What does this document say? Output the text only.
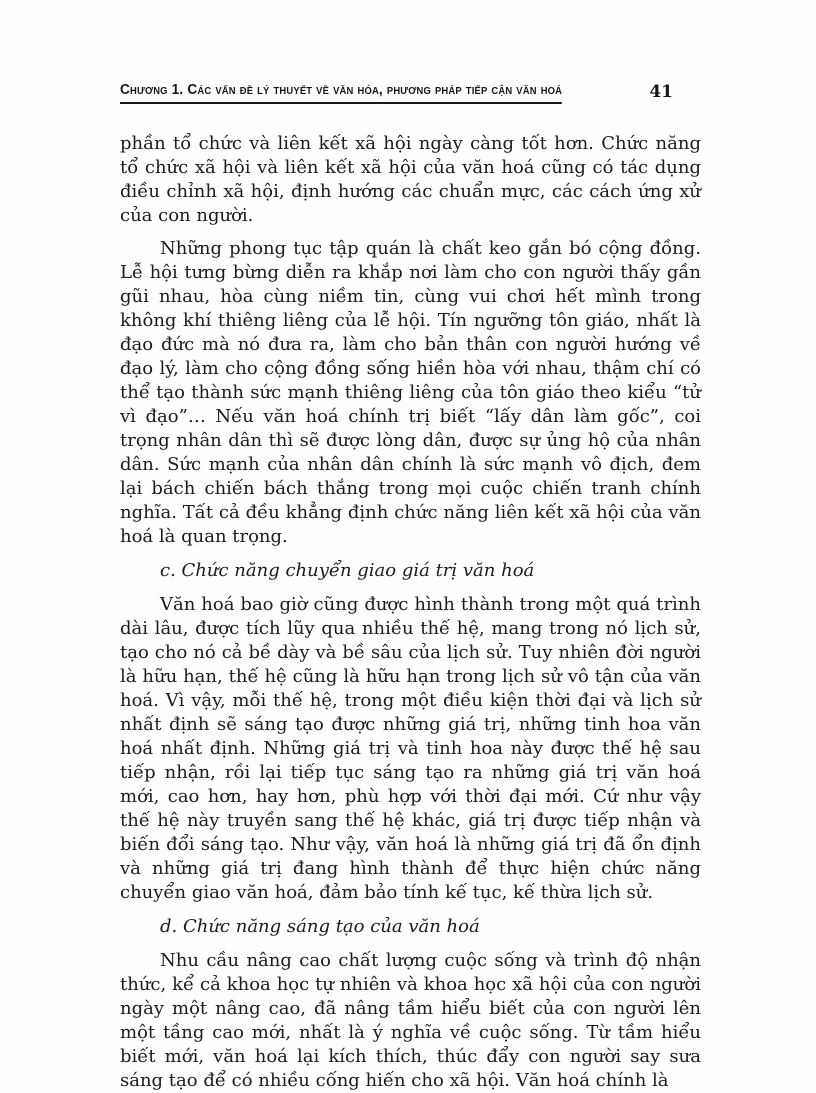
Chương 1. Các vấn đề lý thuyết về văn hóa, phương pháp tiếp cận văn hoá	41

phần tổ chức và liên kết xã hội ngày càng tốt hơn. Chức năng tổ chức xã hội và liên kết xã hội của văn hoá cũng có tác dụng điều chỉnh xã hội, định hướng các chuẩn mực, các cách ứng xử của con người.

Những phong tục tập quán là chất keo gắn bó cộng đồng. Lễ hội tưng bừng diễn ra khắp nơi làm cho con người thấy gần gũi nhau, hòa cùng niềm tin, cùng vui chơi hết mình trong không khí thiêng liêng của lễ hội. Tín ngưỡng tôn giáo, nhất là đạo đức mà nó đưa ra, làm cho bản thân con người hướng về đạo lý, làm cho cộng đồng sống hiền hòa với nhau, thậm chí có thể tạo thành sức mạnh thiêng liêng của tôn giáo theo kiểu “tử vì đạo”… Nếu văn hoá chính trị biết “lấy dân làm gốc”, coi trọng nhân dân thì sẽ được lòng dân, được sự ủng hộ của nhân dân. Sức mạnh của nhân dân chính là sức mạnh vô địch, đem lại bách chiến bách thắng trong mọi cuộc chiến tranh chính nghĩa. Tất cả đều khẳng định chức năng liên kết xã hội của văn hoá là quan trọng.

c. Chức năng chuyển giao giá trị văn hoá

Văn hoá bao giờ cũng được hình thành trong một quá trình dài lâu, được tích lũy qua nhiều thế hệ, mang trong nó lịch sử, tạo cho nó cả bề dày và bề sâu của lịch sử. Tuy nhiên đời người là hữu hạn, thế hệ cũng là hữu hạn trong lịch sử vô tận của văn hoá. Vì vậy, mỗi thế hệ, trong một điều kiện thời đại và lịch sử nhất định sẽ sáng tạo được những giá trị, những tinh hoa văn hoá nhất định. Những giá trị và tinh hoa này được thế hệ sau tiếp nhận, rồi lại tiếp tục sáng tạo ra những giá trị văn hoá mới, cao hơn, hay hơn, phù hợp với thời đại mới. Cứ như vậy thế hệ này truyền sang thế hệ khác, giá trị được tiếp nhận và biến đổi sáng tạo. Như vậy, văn hoá là những giá trị đã ổn định và những giá trị đang hình thành để thực hiện chức năng chuyển giao văn hoá, đảm bảo tính kế tục, kế thừa lịch sử.

d. Chức năng sáng tạo của văn hoá

Nhu cầu nâng cao chất lượng cuộc sống và trình độ nhận thức, kể cả khoa học tự nhiên và khoa học xã hội của con người ngày một nâng cao, đã nâng tầm hiểu biết của con người lên một tầng cao mới, nhất là ý nghĩa về cuộc sống. Từ tầm hiểu biết mới, văn hoá lại kích thích, thúc đẩy con người say sưa sáng tạo để có nhiều cống hiến cho xã hội. Văn hoá chính là
